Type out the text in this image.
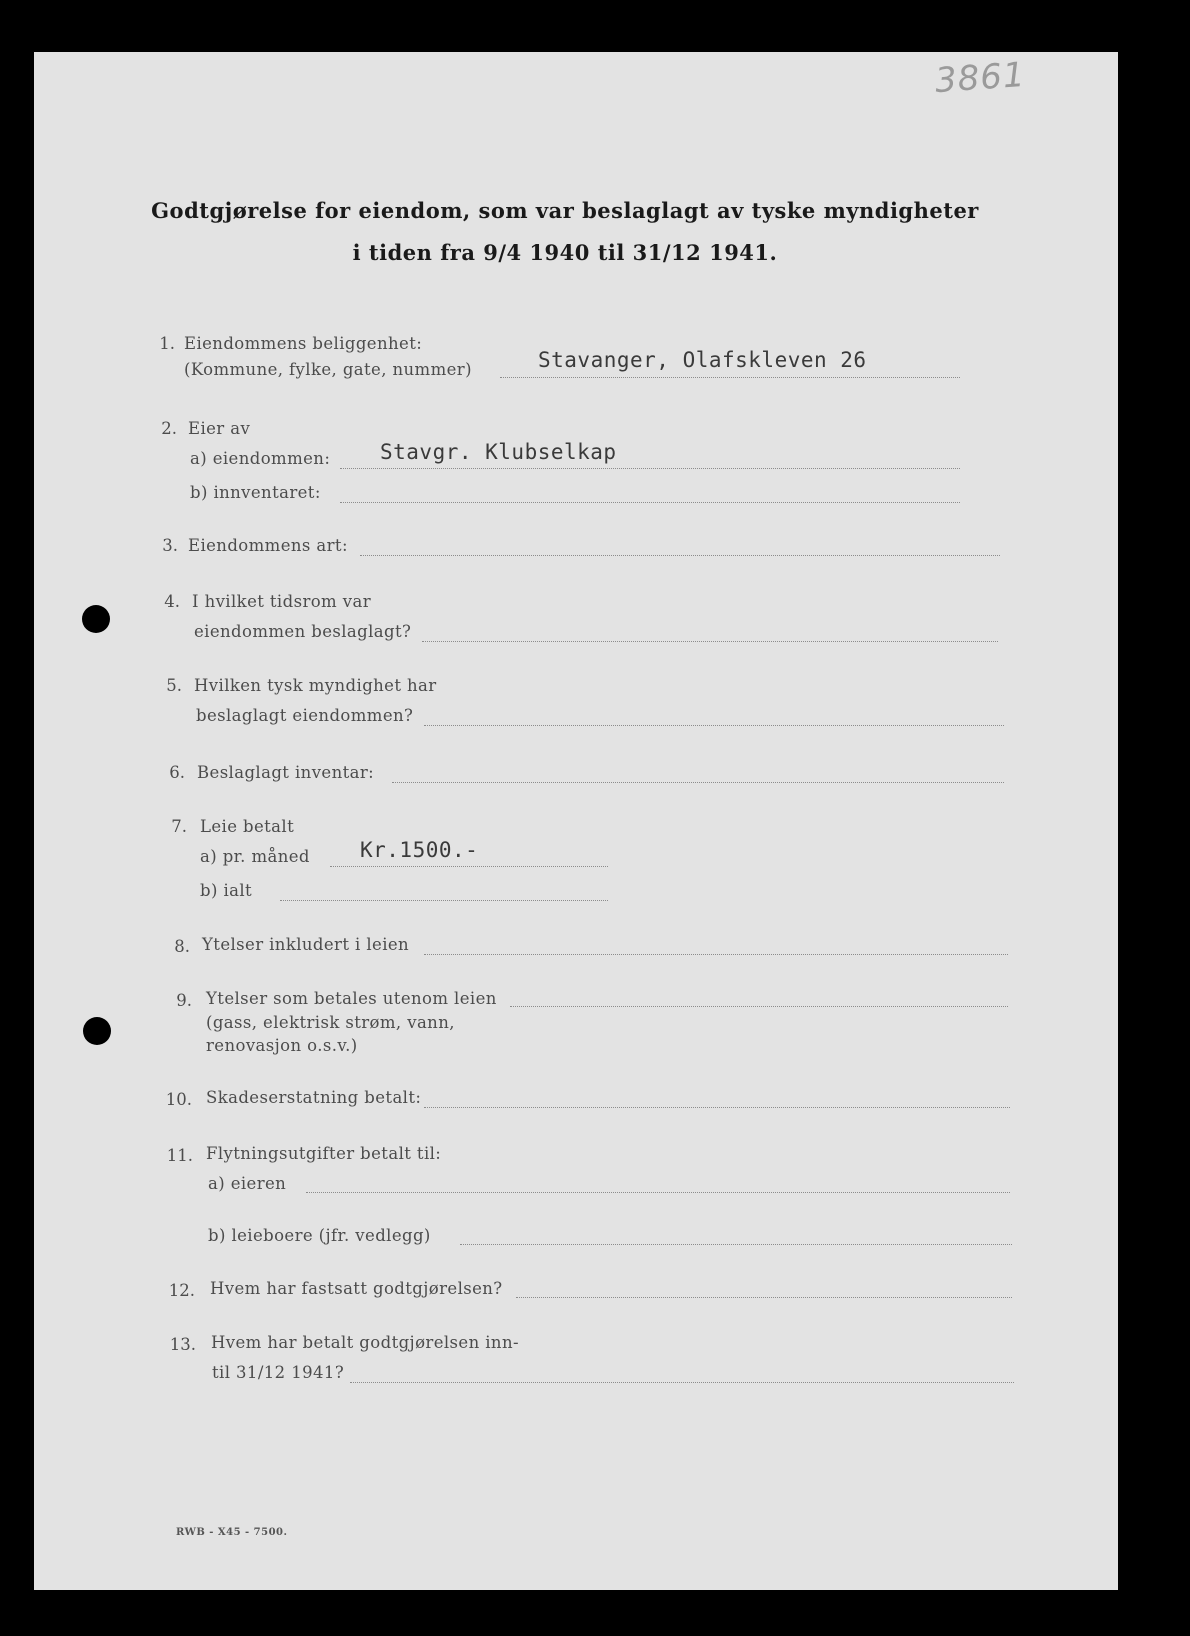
3861
Godtgjørelse for eiendom, som var beslaglagt av tyske myndigheter
i tiden fra 9/4 1940 til 31/12 1941.
1. Eiendommens beliggenhet:
(Kommune, fylke, gate, nummer)	Stavanger, Olafskleven 26
2. Eier av
a) eiendommen: Stavgr. Klubselkap
b) innventaret:
3. Eiendommens art:
4. I hvilket tidsrom var
eiendommen beslaglagt?
5. Hvilken tysk myndighet har
beslaglagt eiendommen?
6. Beslaglagt inventar:
7. Leie betalt
a) pr. måned Kr.1500.-
b) ialt
8. Ytelser inkludert i leien
9. Ytelser som betales utenom leien
(gass, elektrisk strøm, vann,
renovasjon o.s.v.)
10. Skadeserstatning betalt:
11. Flytningsutgifter betalt til:
a) eieren
b) leieboere (jfr. vedlegg)
12. Hvem har fastsatt godtgjørelsen?
13. Hvem har betalt godtgjørelsen inn-
til 31/12 1941?
RWB - X45 - 7500.
